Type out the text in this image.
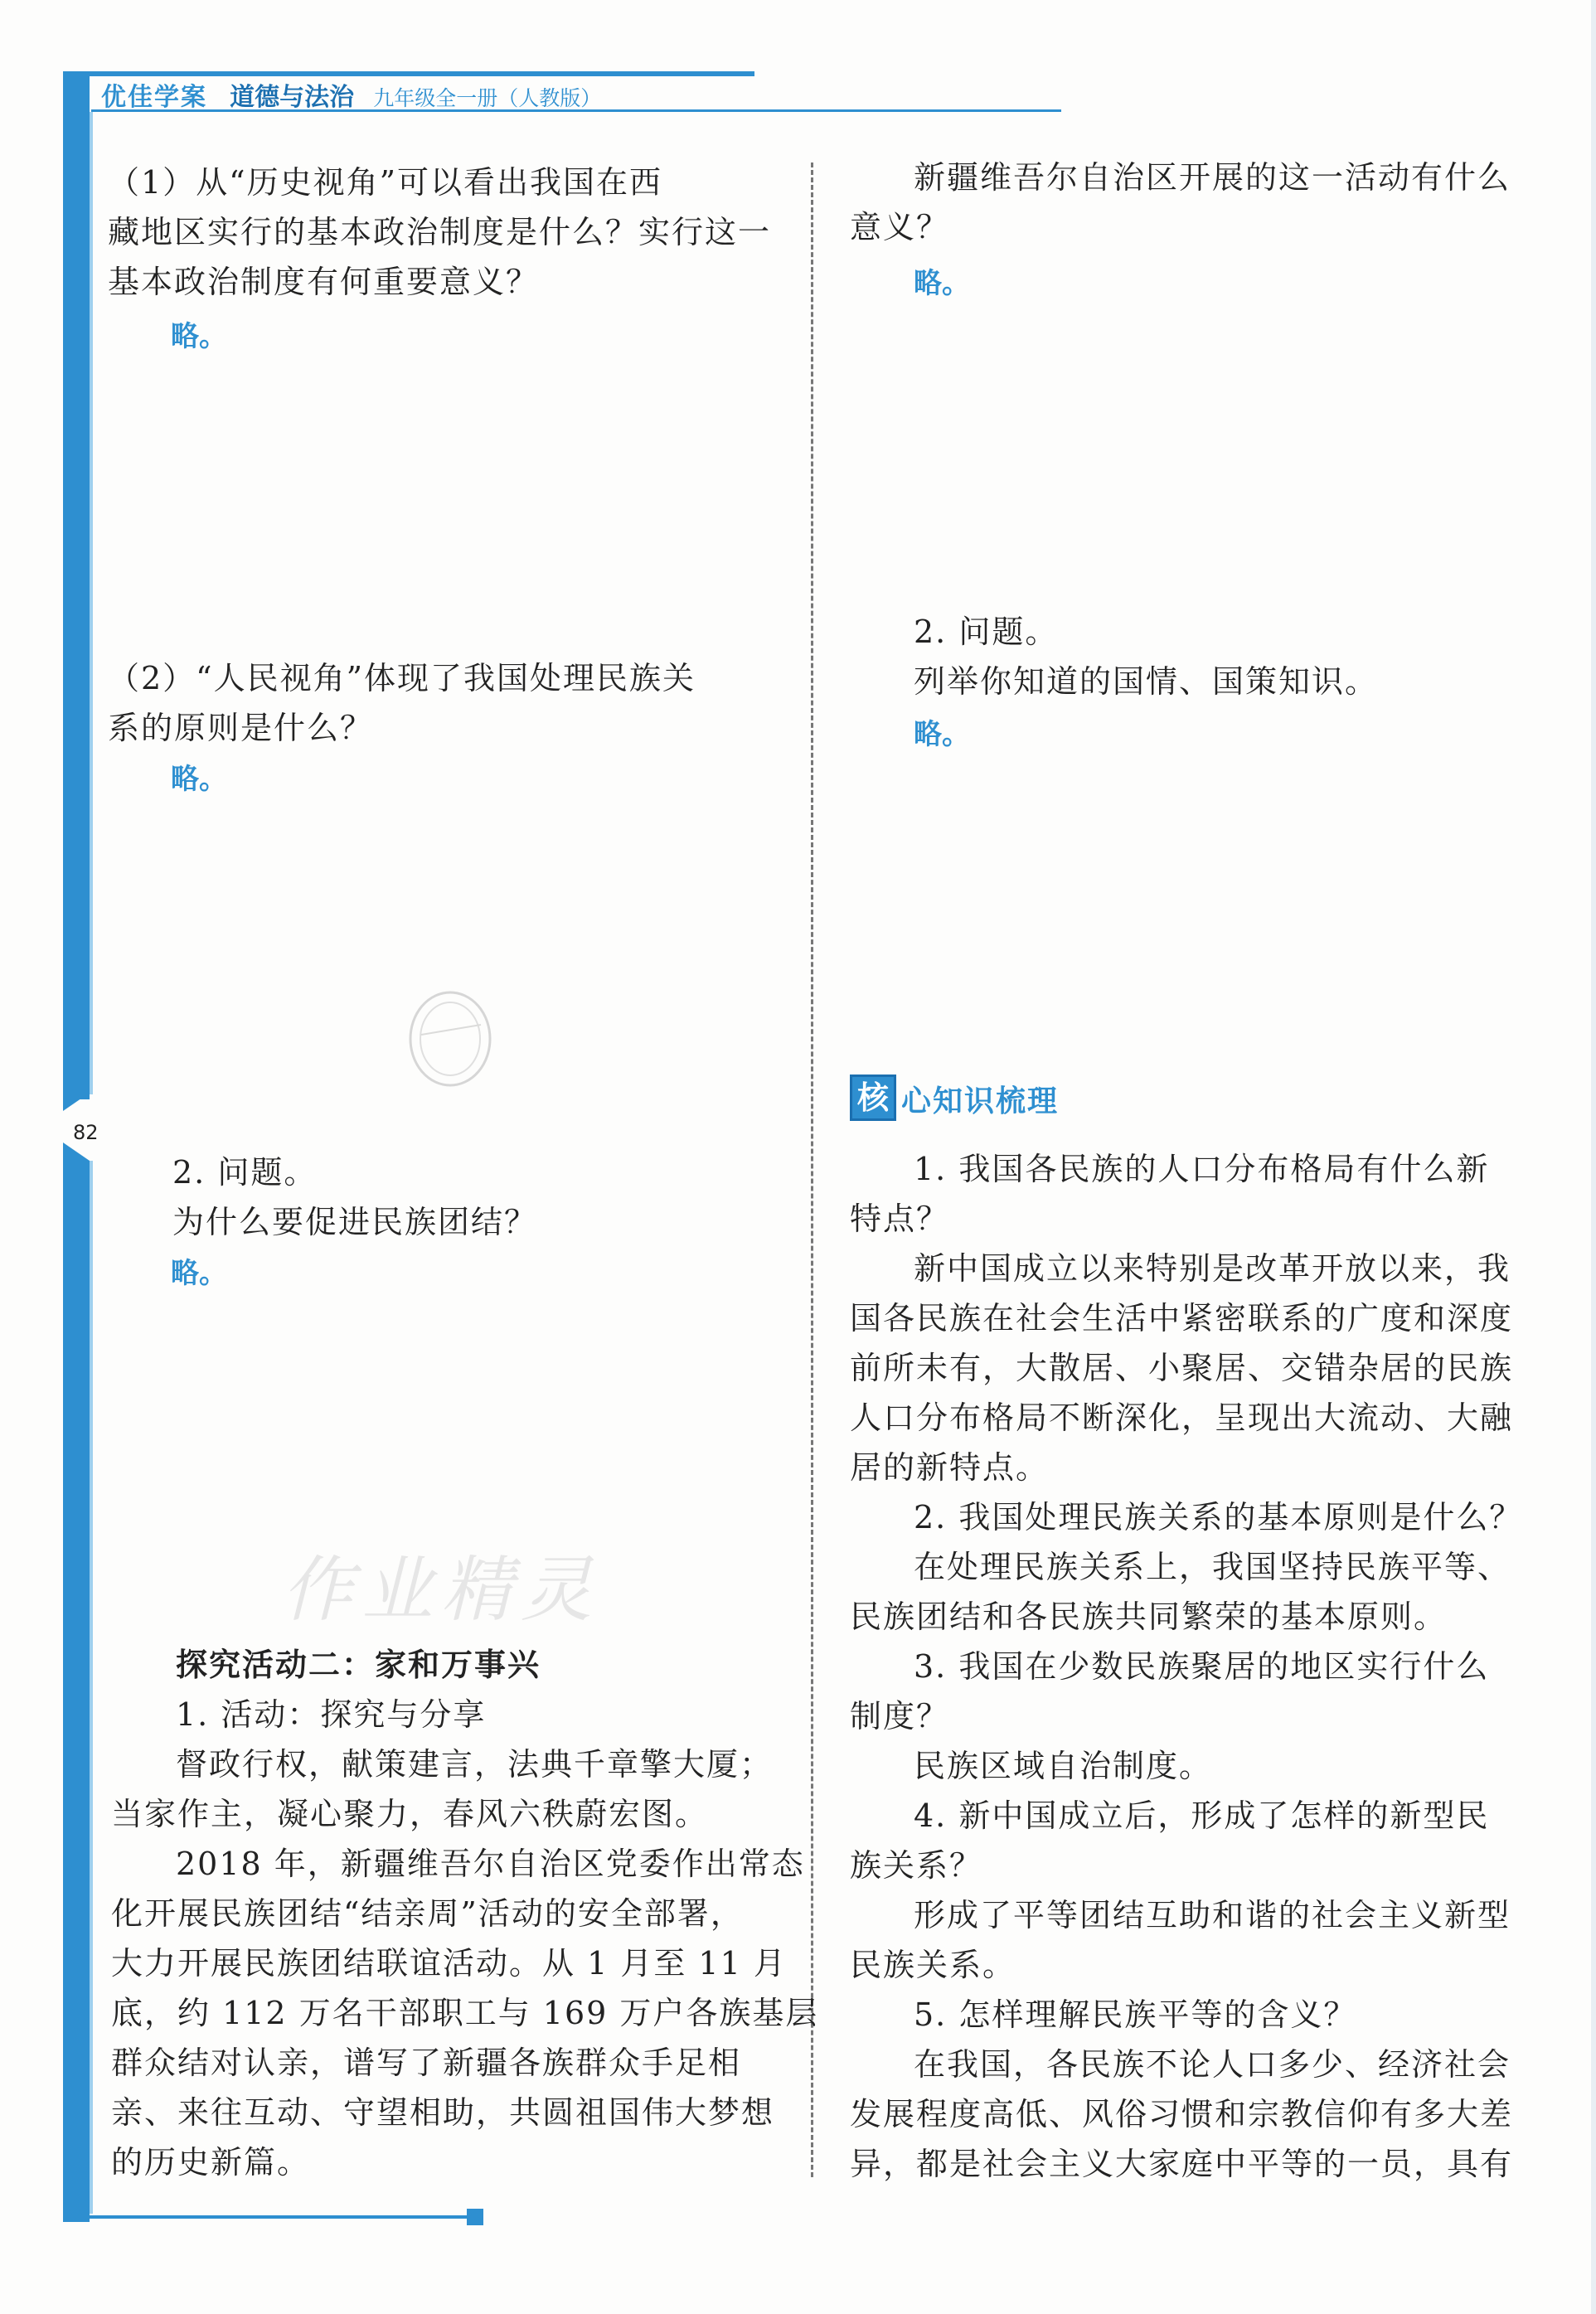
优佳学案 道德与法治 九年级全一册（人教版）
82
（1）从“历史视角”可以看出我国在西
藏地区实行的基本政治制度是什么？实行这一
基本政治制度有何重要意义？
略。
（2）“人民视角”体现了我国处理民族关
系的原则是什么？
略。
2. 问题。
为什么要促进民族团结？
略。
作业精灵
探究活动二：家和万事兴
1. 活动：探究与分享
督政行权，献策建言，法典千章擎大厦；
当家作主，凝心聚力，春风六秩蔚宏图。
2018 年，新疆维吾尔自治区党委作出常态
化开展民族团结“结亲周”活动的安全部署，
大力开展民族团结联谊活动。从 1 月至 11 月
底，约 112 万名干部职工与 169 万户各族基层
群众结对认亲，谱写了新疆各族群众手足相
亲、来往互动、守望相助，共圆祖国伟大梦想
的历史新篇。
新疆维吾尔自治区开展的这一活动有什么
意义？
略。
2. 问题。
列举你知道的国情、国策知识。
略。
核 心知识梳理
1. 我国各民族的人口分布格局有什么新
特点？
新中国成立以来特别是改革开放以来，我
国各民族在社会生活中紧密联系的广度和深度
前所未有，大散居、小聚居、交错杂居的民族
人口分布格局不断深化，呈现出大流动、大融
居的新特点。
2. 我国处理民族关系的基本原则是什么？
在处理民族关系上，我国坚持民族平等、
民族团结和各民族共同繁荣的基本原则。
3. 我国在少数民族聚居的地区实行什么
制度？
民族区域自治制度。
4. 新中国成立后，形成了怎样的新型民
族关系？
形成了平等团结互助和谐的社会主义新型
民族关系。
5. 怎样理解民族平等的含义？
在我国，各民族不论人口多少、经济社会
发展程度高低、风俗习惯和宗教信仰有多大差
异，都是社会主义大家庭中平等的一员，具有
